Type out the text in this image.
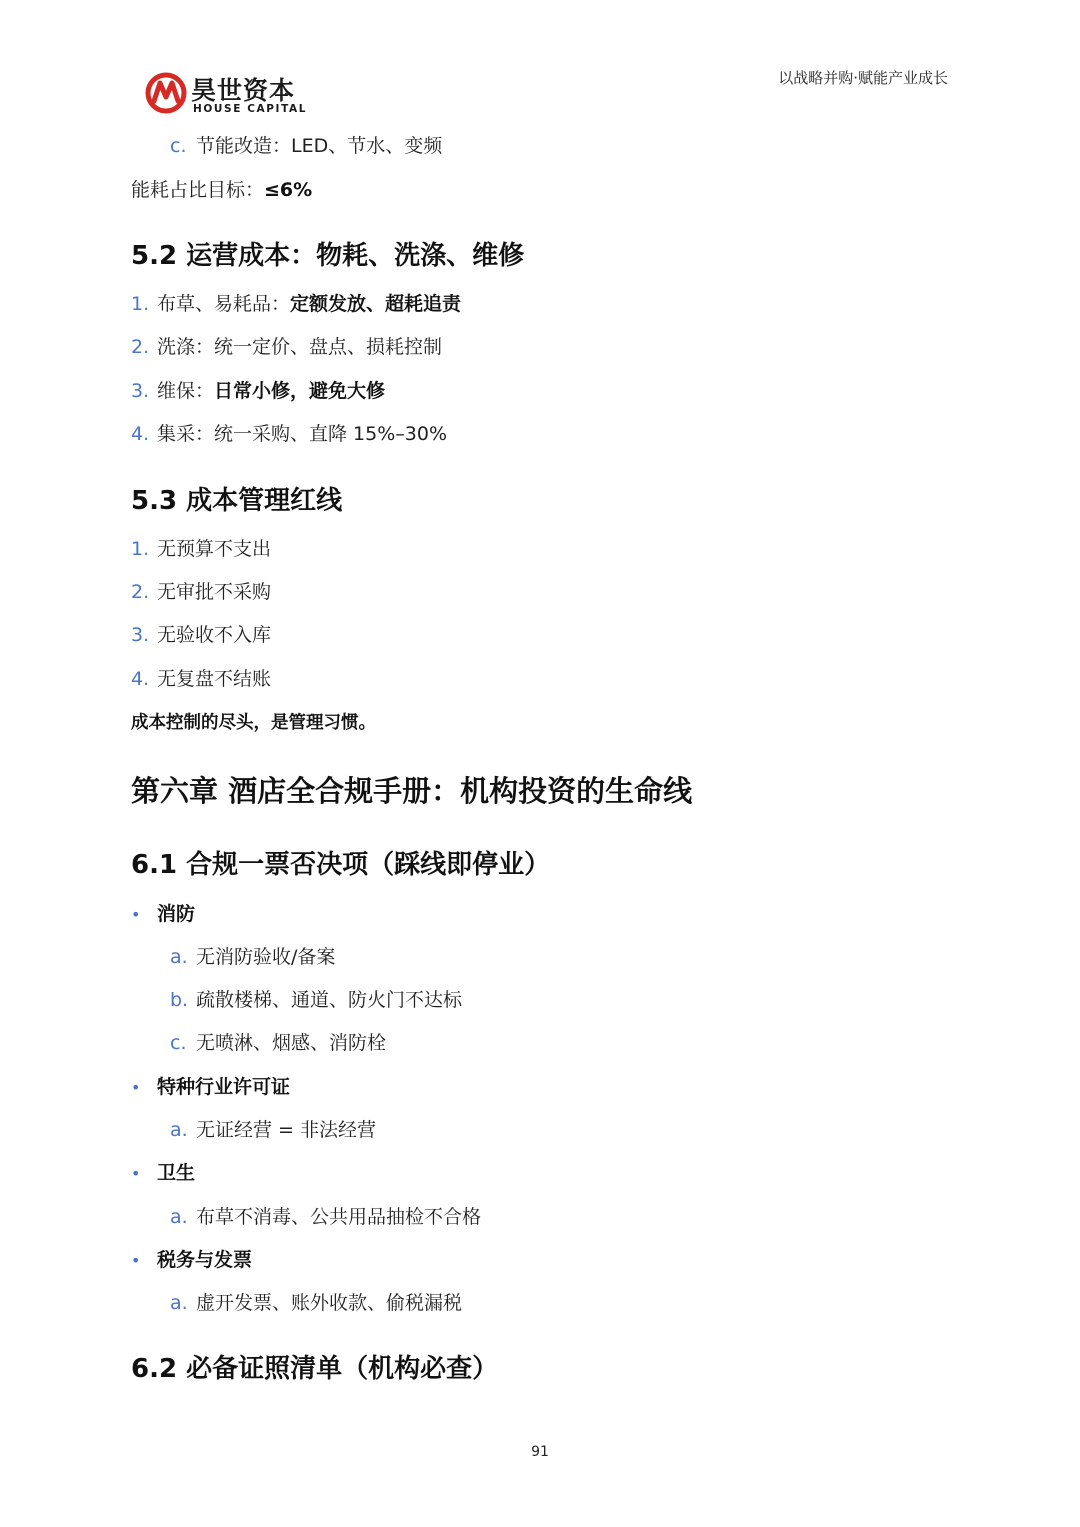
昊世资本
HOUSE CAPITAL
以战略并购·赋能产业成长
c. 节能改造：LED、节水、变频
能耗占比目标：≤6%
5.2 运营成本：物耗、洗涤、维修
1. 布草、易耗品：定额发放、超耗追责
2. 洗涤：统一定价、盘点、损耗控制
3. 维保：日常小修，避免大修
4. 集采：统一采购、直降 15%–30%
5.3 成本管理红线
1. 无预算不支出
2. 无审批不采购
3. 无验收不入库
4. 无复盘不结账
成本控制的尽头，是管理习惯。
第六章 酒店全合规手册：机构投资的生命线
6.1 合规一票否决项（踩线即停业）
• 消防
a. 无消防验收/备案
b. 疏散楼梯、通道、防火门不达标
c. 无喷淋、烟感、消防栓
• 特种行业许可证
a. 无证经营 = 非法经营
• 卫生
a. 布草不消毒、公共用品抽检不合格
• 税务与发票
a. 虚开发票、账外收款、偷税漏税
6.2 必备证照清单（机构必查）
91
